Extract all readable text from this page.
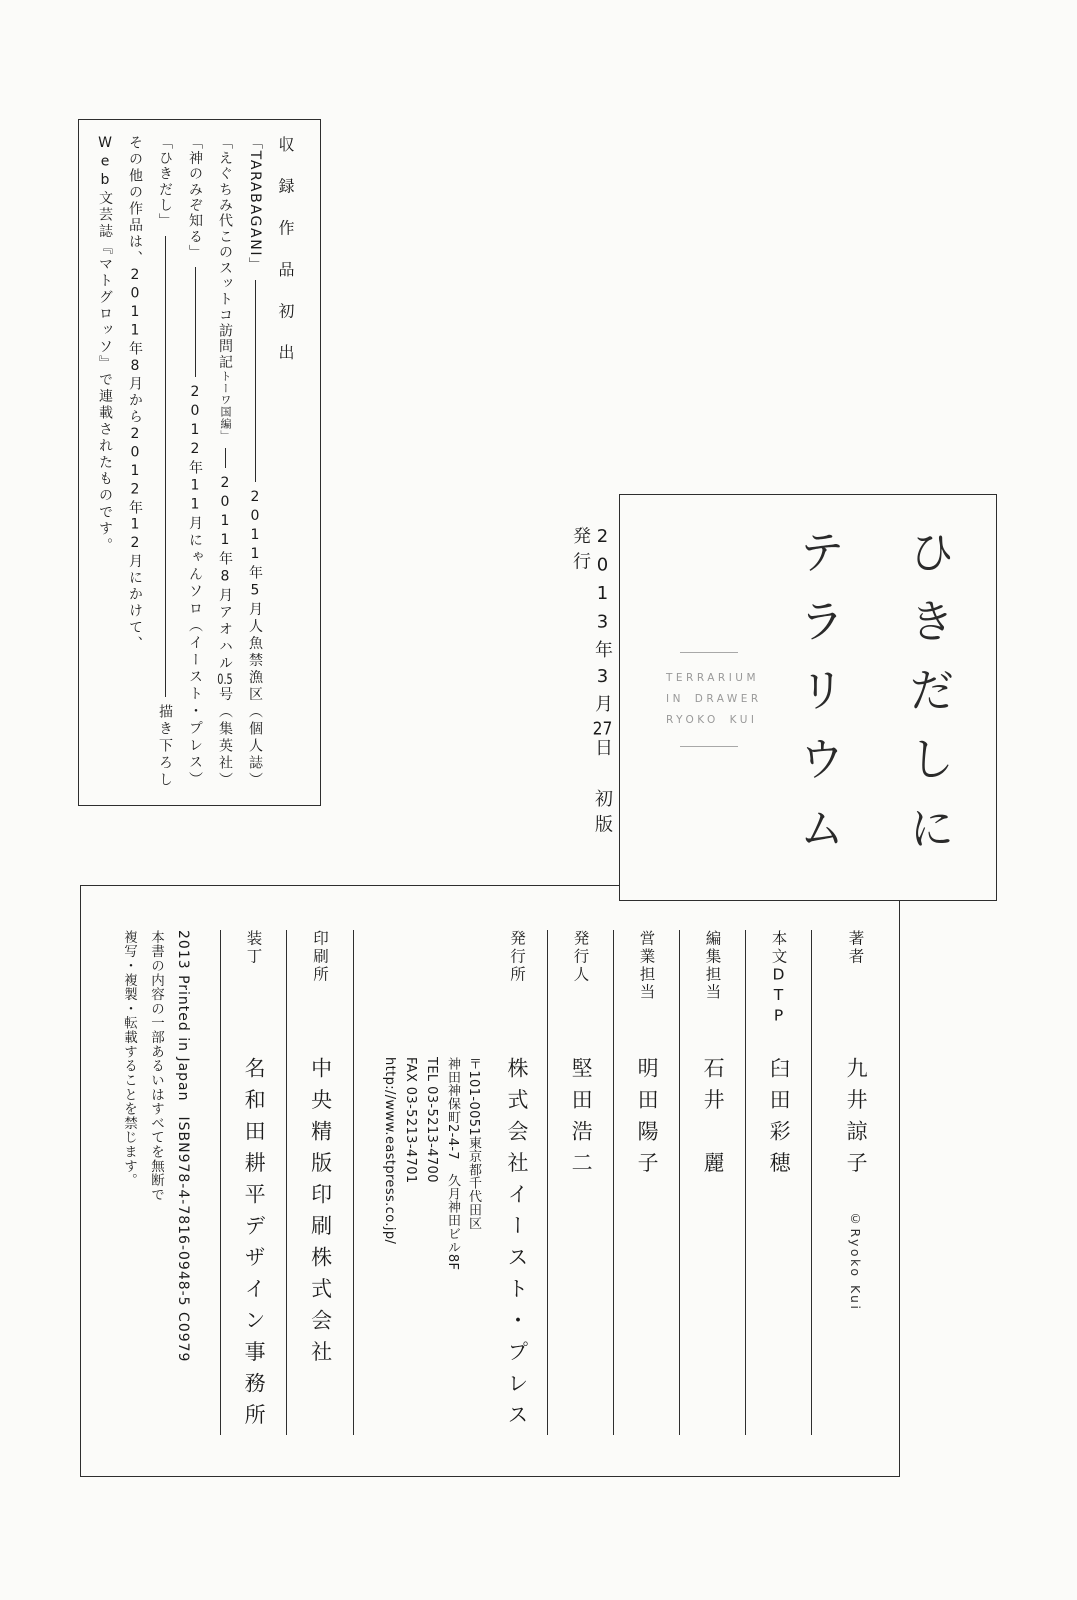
収録作品初出
「TARABAGANI」
2011年5月人魚禁漁区（個人誌）
「えぐちみ代このスットコ訪問記トーワ国編」
2011年8月アオハル0.5号（集英社）
「神のみぞ知る」
2012年11月にゃんソロ（イースト・プレス）
「ひきだし」
描き下ろし
その他の作品は、2011年8月から2012年12月にかけて、
Web文芸誌『マトグロッソ』で連載されたものです。
2013年3月27日　初版発行	ひきだしに
テラリウム
TERRARIUM
IN DRAWER
RYOKO KUI
著者
九井諒子
©Ryoko Kui
本文DTP
臼田彩穂
編集担当
石井　麗
営業担当
明田陽子
発行人
堅田浩二
発行所株式会社イースト・プレス
〒101-0051東京都千代田区
神田神保町2-4-7　久月神田ビル8F
TEL 03-5213-4700
FAX 03-5213-4701
http://www.eastpress.co.jp/
印刷所
中央精版印刷株式会社
装丁
名和田耕平デザイン事務所
2013 Printed in Japan　ISBN978-4-7816-0948-5 C0979
本書の内容の一部あるいはすべてを無断で
複写・複製・転載することを禁じます。
